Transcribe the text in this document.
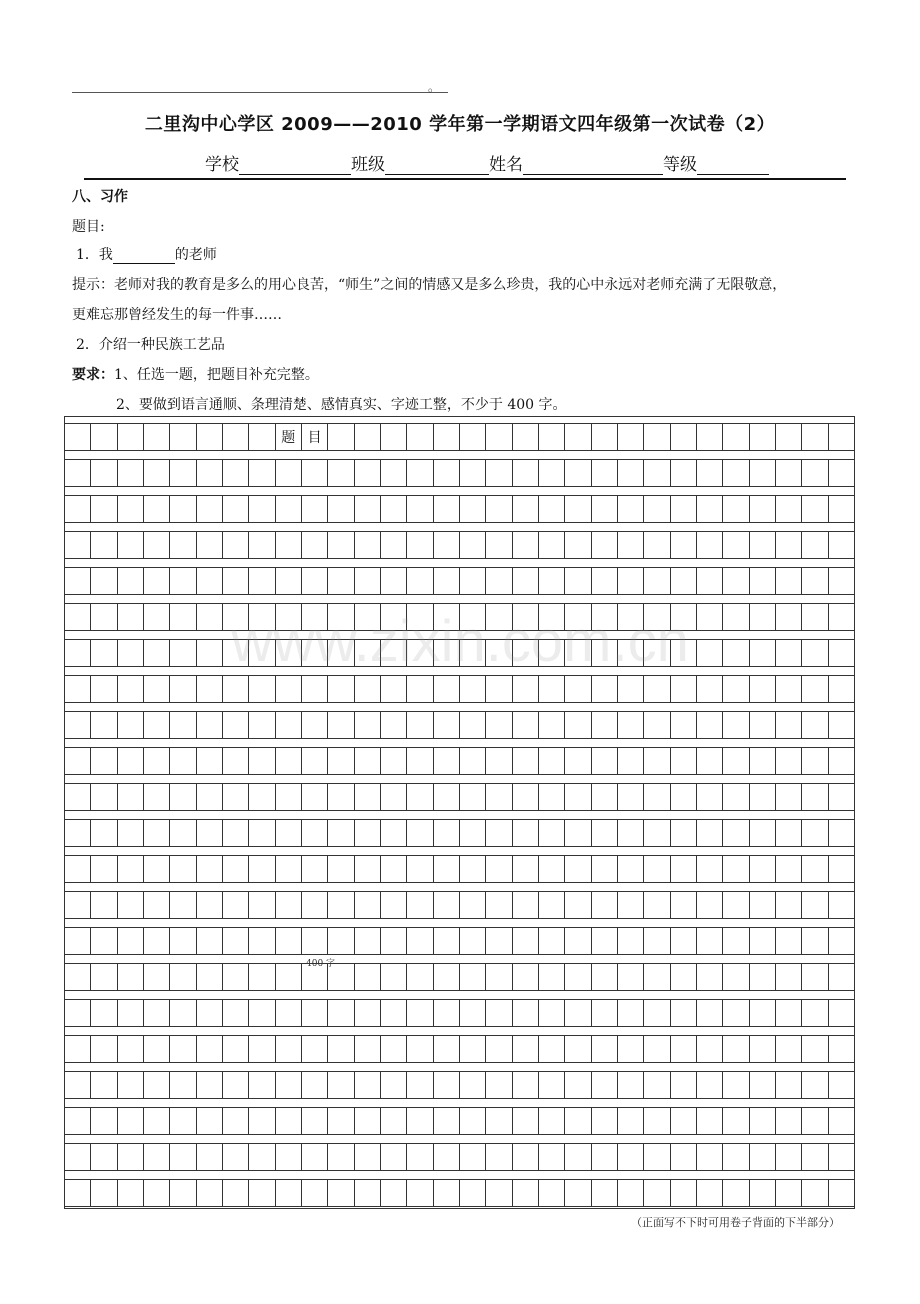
。
二里沟中心学区 2009——2010 学年第一学期语文四年级第一次试卷（2）
学校	班级	姓名	等级
八、习作
题目:
1．我	的老师
提示：老师对我的教育是多么的用心良苦，“师生”之间的情感又是多么珍贵，我的心中永远对老师充满了无限敬意，
更难忘那曾经发生的每一件事……
2．介绍一种民族工艺品
要求：1、任选一题，把题目补充完整。
2、要做到语言通顺、条理清楚、感情真实、字迹工整，不少于 400 字。
题 目
www.zixin.com.cn
400 字
（正面写不下时可用卷子背面的下半部分）
